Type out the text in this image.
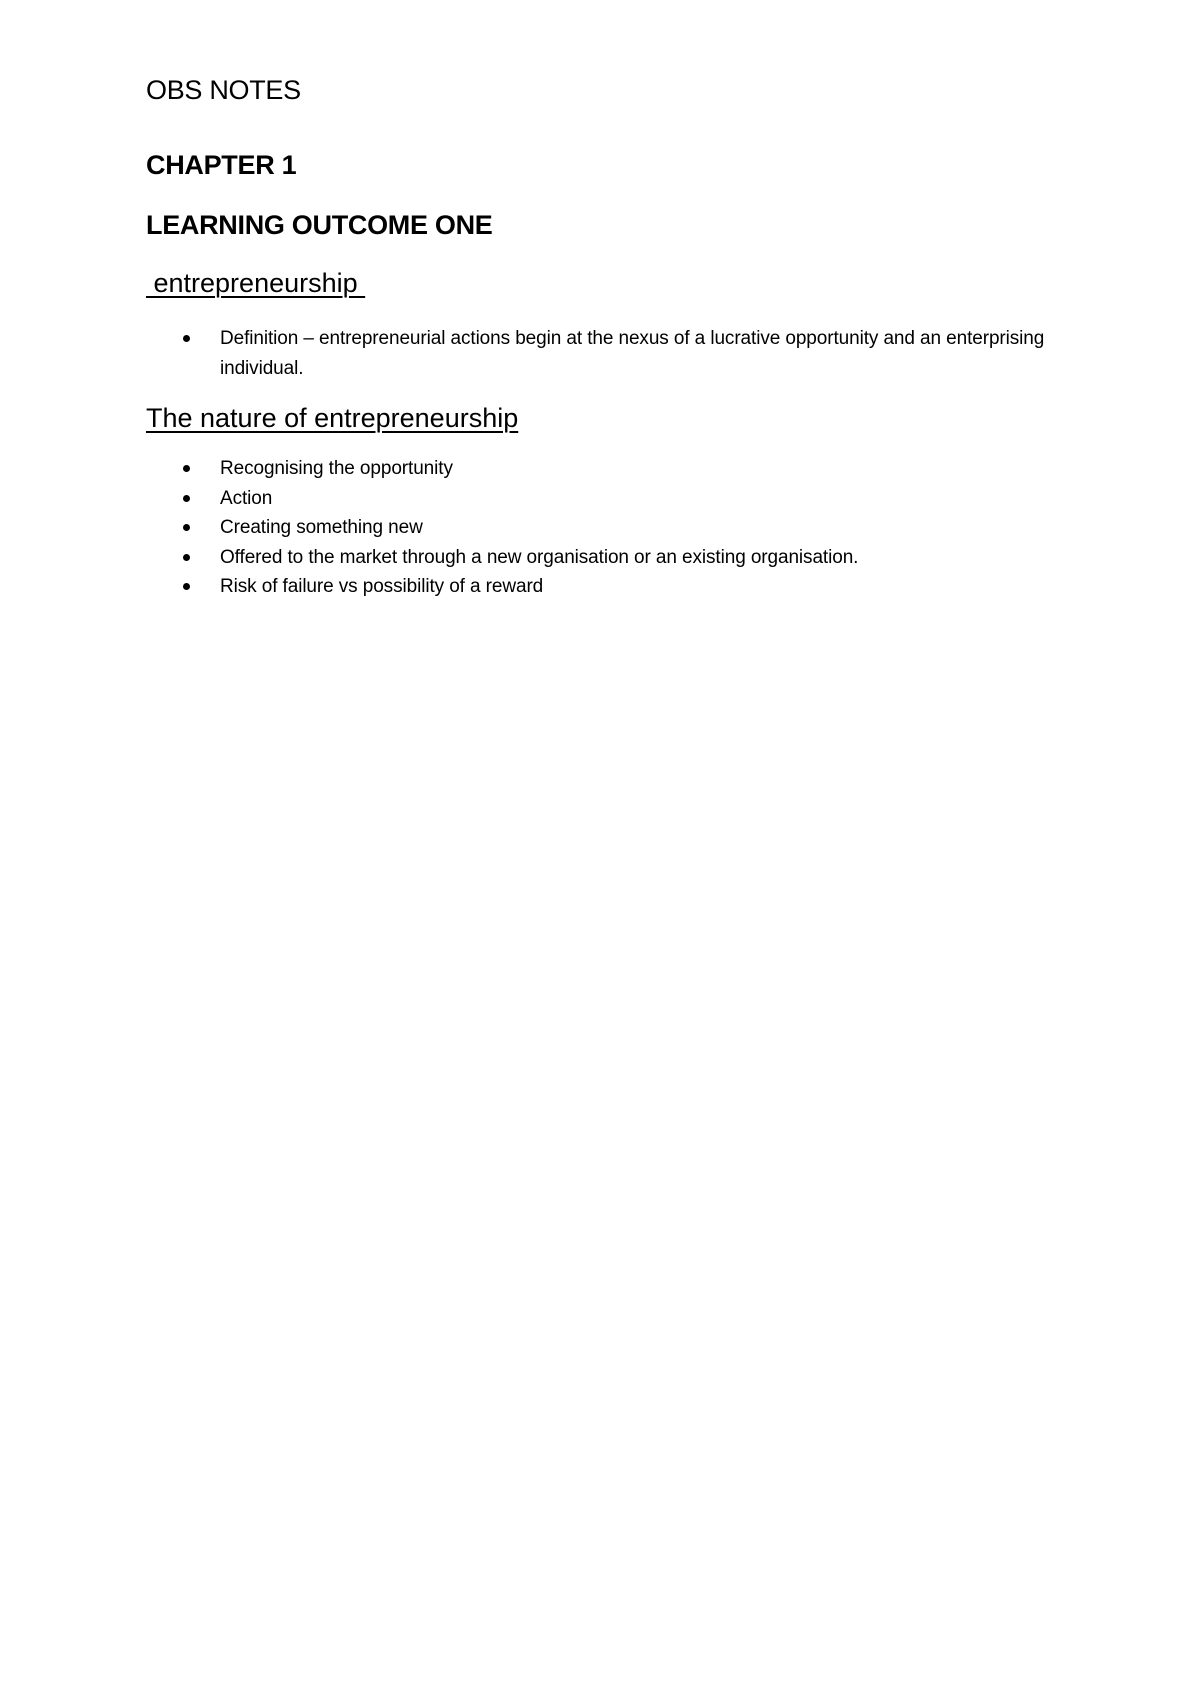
OBS NOTES
CHAPTER 1
LEARNING OUTCOME ONE
entrepreneurship
Definition – entrepreneurial actions begin at the nexus of a lucrative opportunity and an enterprising individual.
The nature of entrepreneurship
Recognising the opportunity
Action
Creating something new
Offered to the market through a new organisation or an existing organisation.
Risk of failure vs possibility of a reward
